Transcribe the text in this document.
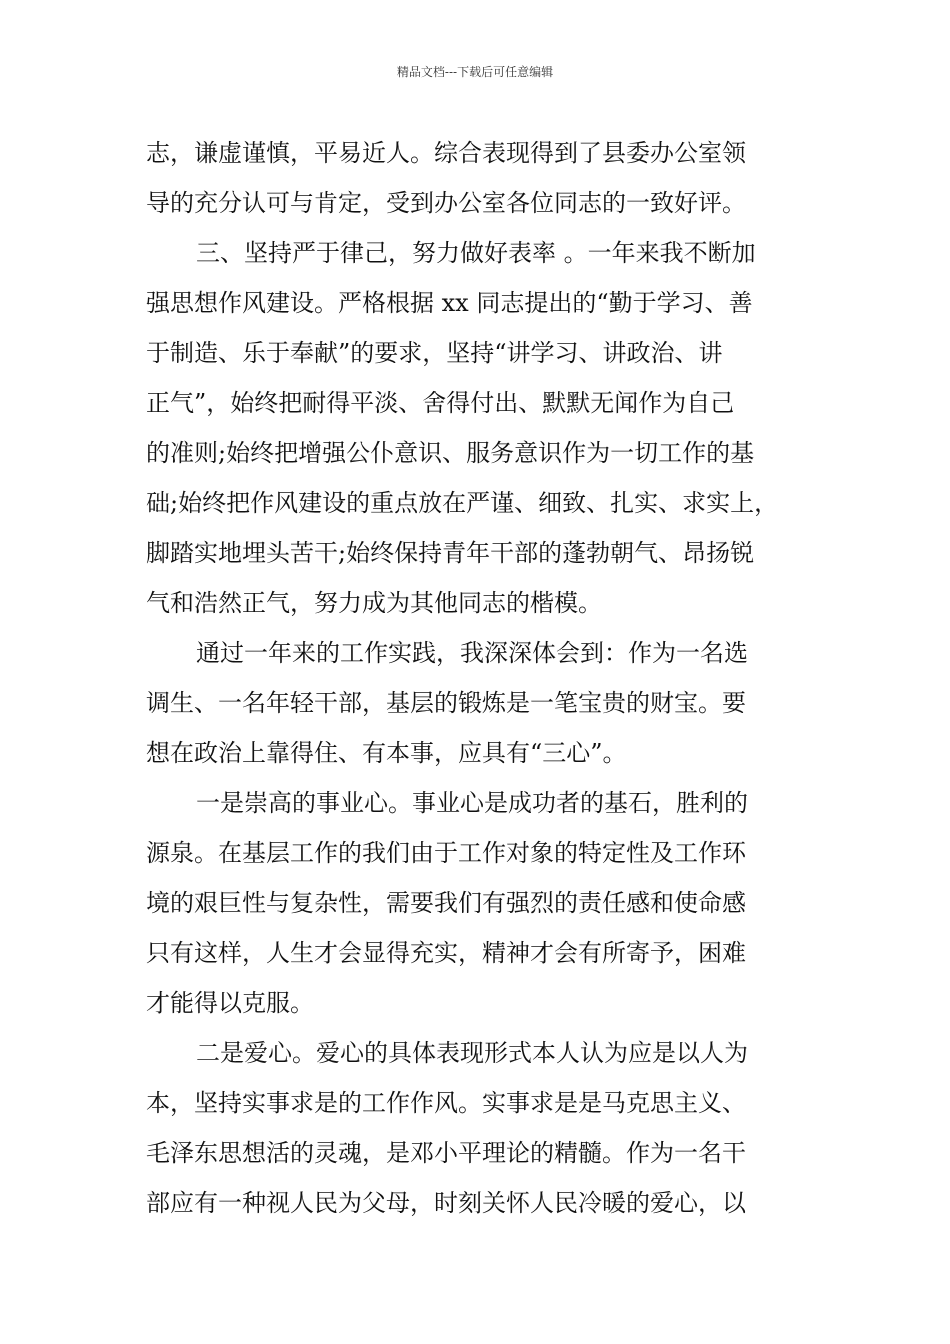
精品文档---下载后可任意编辑
志，谦虚谨慎，平易近人。综合表现得到了县委办公室领
导的充分认可与肯定，受到办公室各位同志的一致好评。
三、坚持严于律己，努力做好表率 。一年来我不断加
强思想作风建设。严格根据 xx 同志提出的“勤于学习、善
于制造、乐于奉献”的要求，坚持“讲学习、讲政治、讲
正气”，始终把耐得平淡、舍得付出、默默无闻作为自己
的准则;始终把增强公仆意识、服务意识作为一切工作的基
础;始终把作风建设的重点放在严谨、细致、扎实、求实上，
脚踏实地埋头苦干;始终保持青年干部的蓬勃朝气、昂扬锐
气和浩然正气，努力成为其他同志的楷模。
通过一年来的工作实践，我深深体会到：作为一名选
调生、一名年轻干部，基层的锻炼是一笔宝贵的财宝。要
想在政治上靠得住、有本事，应具有“三心”。
一是崇高的事业心。事业心是成功者的基石，胜利的
源泉。在基层工作的我们由于工作对象的特定性及工作环
境的艰巨性与复杂性，需要我们有强烈的责任感和使命感
只有这样，人生才会显得充实，精神才会有所寄予，困难
才能得以克服。
二是爱心。爱心的具体表现形式本人认为应是以人为
本，坚持实事求是的工作作风。实事求是是马克思主义、
毛泽东思想活的灵魂，是邓小平理论的精髓。作为一名干
部应有一种视人民为父母，时刻关怀人民冷暖的爱心，以
